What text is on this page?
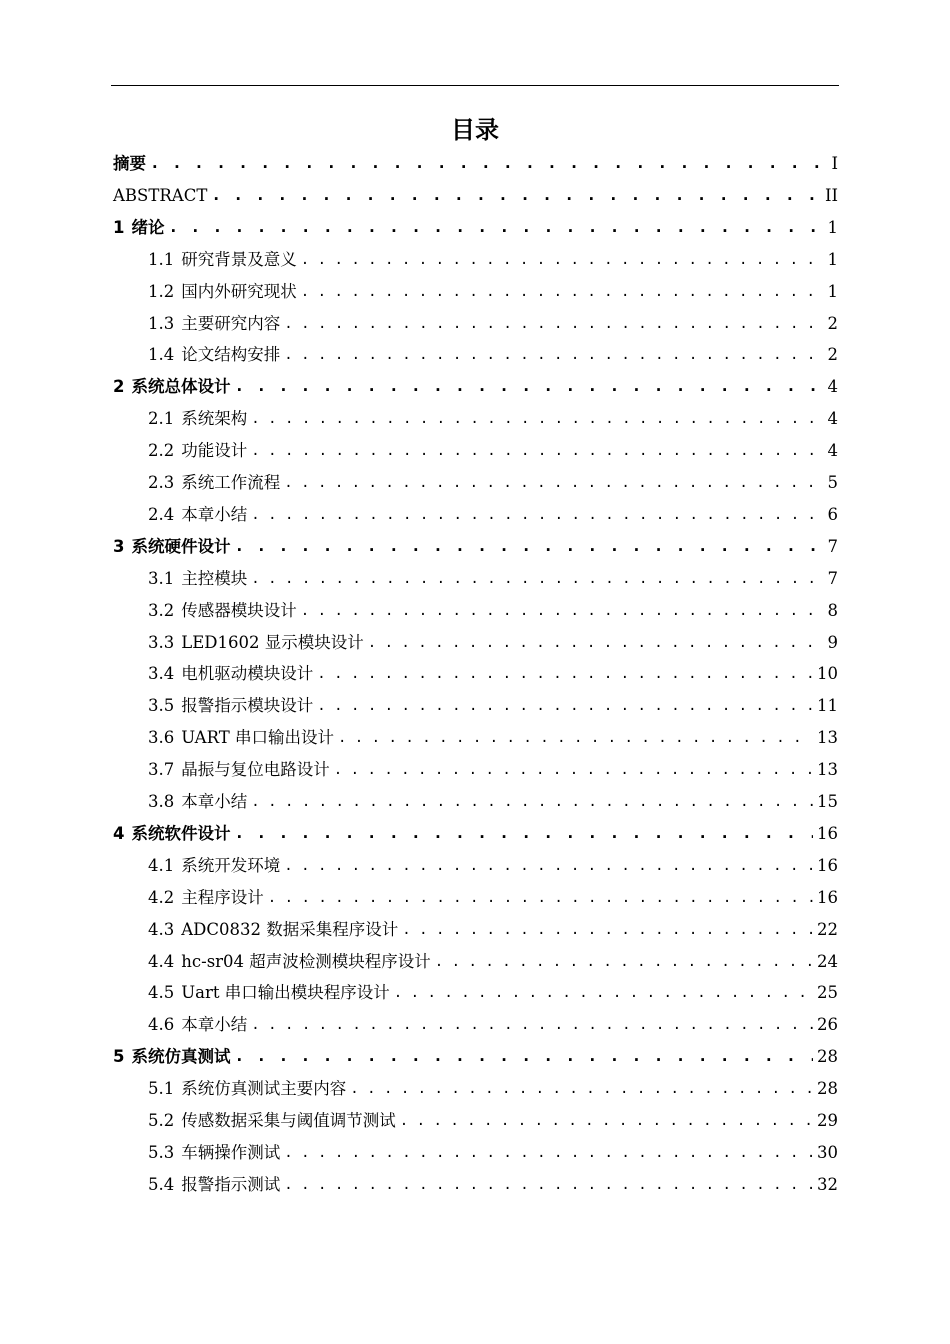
目录
摘要 . . .	I
ABSTRACT . . .	II
1 绪论 . . .	1
1.1 研究背景及意义 . . .	1
1.2 国内外研究现状 . . .	1
1.3 主要研究内容 . . .	2
1.4 论文结构安排 . . .	2
2 系统总体设计 . . .	4
2.1 系统架构 . . .	4
2.2 功能设计 . . .	4
2.3 系统工作流程 . . .	5
2.4 本章小结 . . .	6
3 系统硬件设计 . . .	7
3.1 主控模块 . . .	7
3.2 传感器模块设计 . . .	8
3.3 LED1602 显示模块设计 . . .	9
3.4 电机驱动模块设计 . . .	10
3.5 报警指示模块设计 . . .	11
3.6 UART 串口输出设计 . . .	13
3.7 晶振与复位电路设计 . . .	13
3.8 本章小结 . . .	15
4 系统软件设计 . . .	16
4.1 系统开发环境 . . .	16
4.2 主程序设计 . . .	16
4.3 ADC0832 数据采集程序设计 . . .	22
4.4 hc-sr04 超声波检测模块程序设计 . . .	24
4.5 Uart 串口输出模块程序设计 . . .	25
4.6 本章小结 . . .	26
5 系统仿真测试 . . .	28
5.1 系统仿真测试主要内容 . . .	28
5.2 传感数据采集与阈值调节测试 . . .	29
5.3 车辆操作测试 . . .	30
5.4 报警指示测试 . . .	32
